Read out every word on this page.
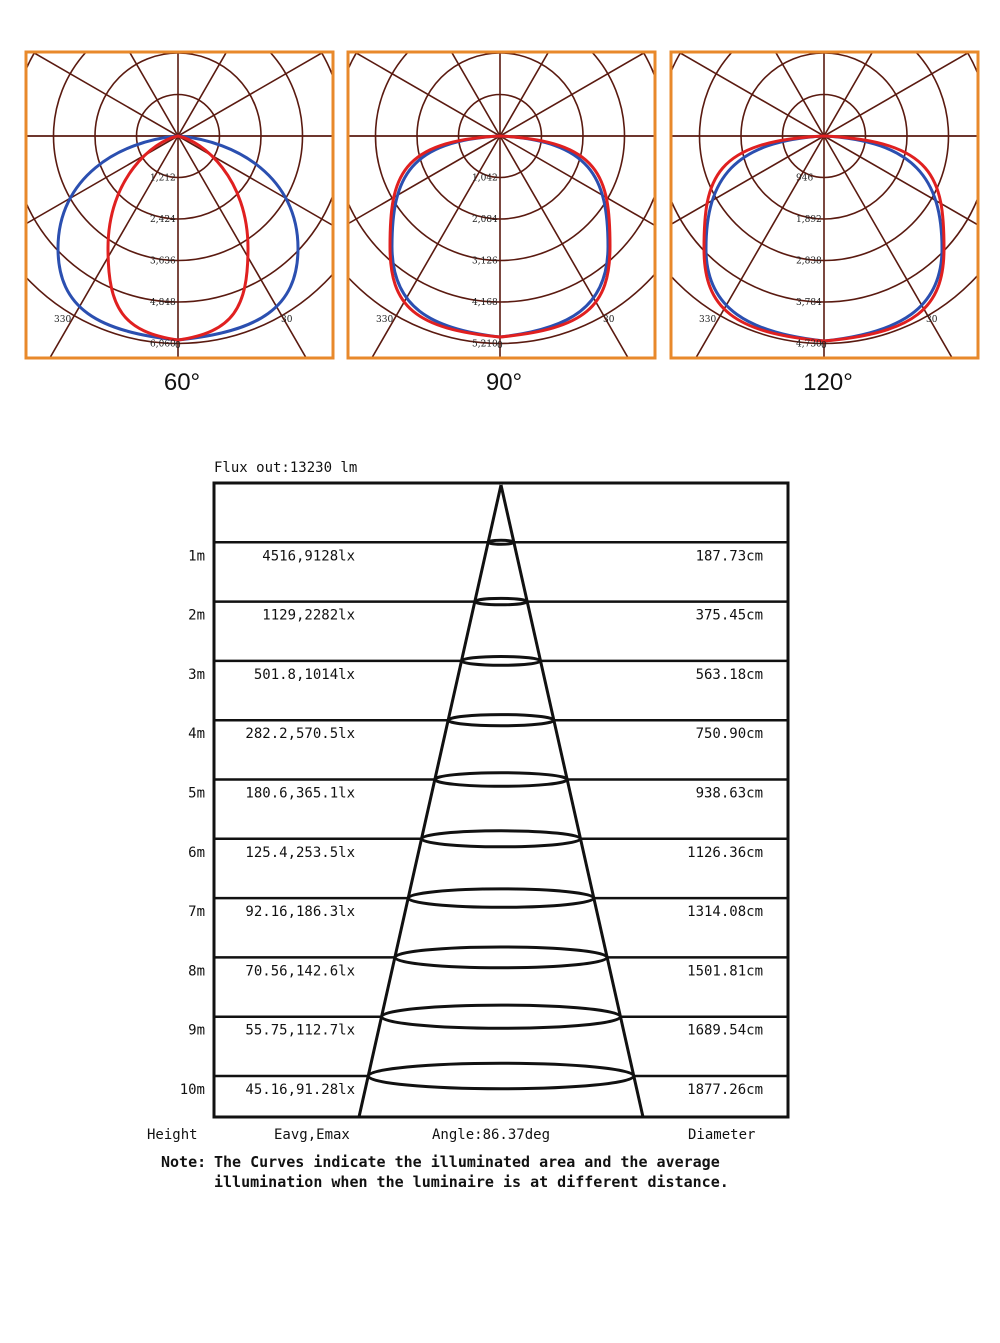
1,212
2,424
3,636
4,848
6,060
330	30
0
60°
1,042
2,084
3,126
4,168
5,210
330	30
0
90°
946
1,892
2,838
3,784
4,730
330	30
0
120°
Flux out:13230 lm
1m	4516,9128lx	187.73cm
2m	1129,2282lx	375.45cm
3m	501.8,1014lx	563.18cm
4m	282.2,570.5lx	750.90cm
5m	180.6,365.1lx	938.63cm
6m	125.4,253.5lx	1126.36cm
7m	92.16,186.3lx	1314.08cm
8m	70.56,142.6lx	1501.81cm
9m	55.75,112.7lx	1689.54cm
10m	45.16,91.28lx	1877.26cm
Height	Eavg,Emax	Angle:86.37deg	Diameter
Note: The Curves indicate the illuminated area and the average
illumination when the luminaire is at different distance.
